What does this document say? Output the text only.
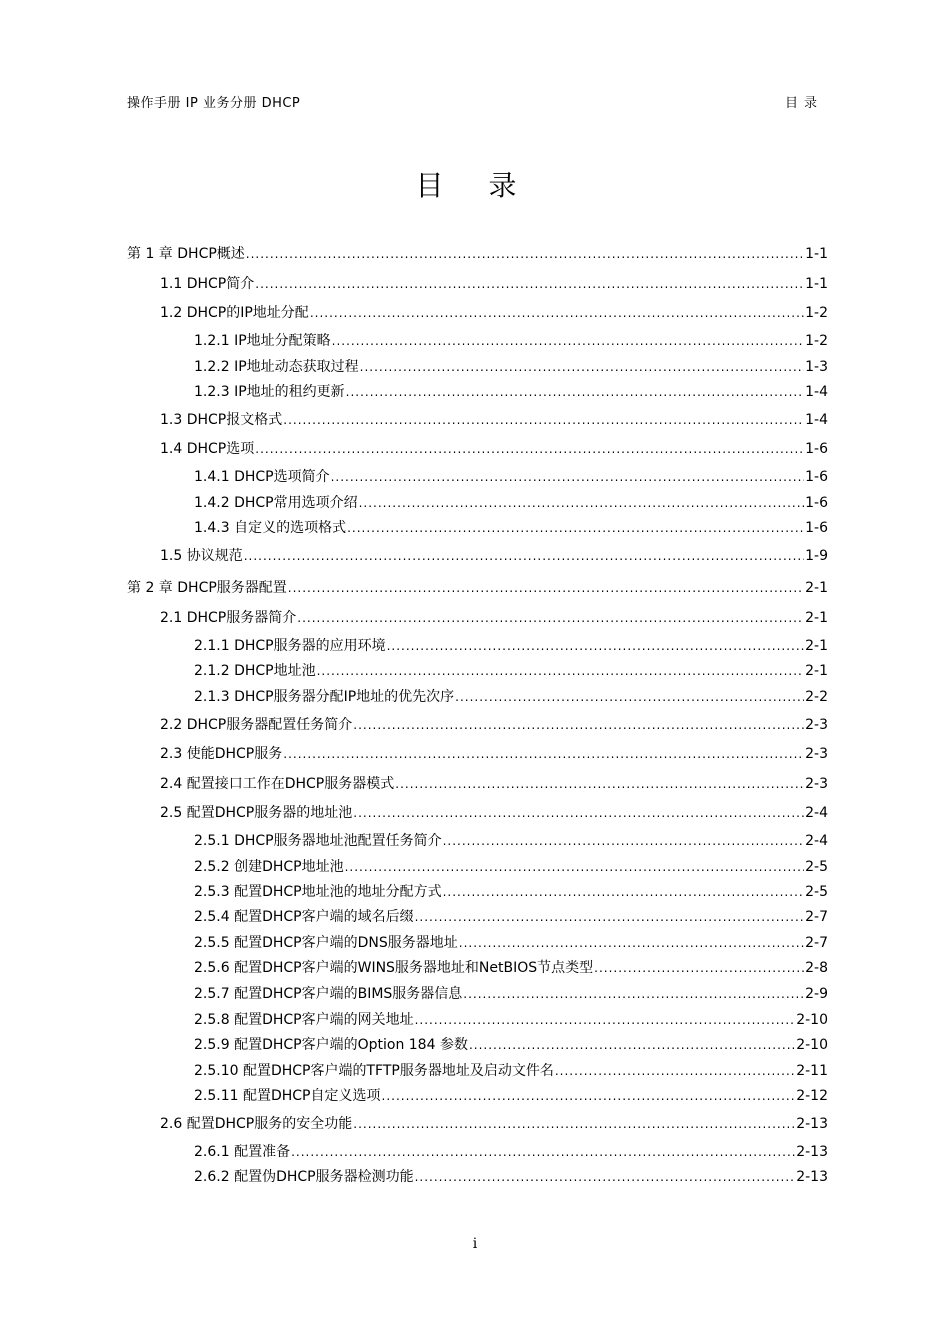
操作手册 IP 业务分册 DHCP	目录
目 录
第 1 章 DHCP概述 .....	1-1
1.1 DHCP简介 .....	1-1
1.2 DHCP的IP地址分配 .....	1-2
1.2.1 IP地址分配策略 .....	1-2
1.2.2 IP地址动态获取过程 .....	1-3
1.2.3 IP地址的租约更新 .....	1-4
1.3 DHCP报文格式 .....	1-4
1.4 DHCP选项 .....	1-6
1.4.1 DHCP选项简介 .....	1-6
1.4.2 DHCP常用选项介绍 .....	1-6
1.4.3 自定义的选项格式 .....	1-6
1.5 协议规范 .....	1-9
第 2 章 DHCP服务器配置 .....	2-1
2.1 DHCP服务器简介 .....	2-1
2.1.1 DHCP服务器的应用环境 .....	2-1
2.1.2 DHCP地址池 .....	2-1
2.1.3 DHCP服务器分配IP地址的优先次序 .....	2-2
2.2 DHCP服务器配置任务简介 .....	2-3
2.3 使能DHCP服务 .....	2-3
2.4 配置接口工作在DHCP服务器模式 .....	2-3
2.5 配置DHCP服务器的地址池 .....	2-4
2.5.1 DHCP服务器地址池配置任务简介 .....	2-4
2.5.2 创建DHCP地址池 .....	2-5
2.5.3 配置DHCP地址池的地址分配方式 .....	2-5
2.5.4 配置DHCP客户端的域名后缀 .....	2-7
2.5.5 配置DHCP客户端的DNS服务器地址 .....	2-7
2.5.6 配置DHCP客户端的WINS服务器地址和NetBIOS节点类型 .....	2-8
2.5.7 配置DHCP客户端的BIMS服务器信息 .....	2-9
2.5.8 配置DHCP客户端的网关地址 .....	2-10
2.5.9 配置DHCP客户端的Option 184 参数 .....	2-10
2.5.10 配置DHCP客户端的TFTP服务器地址及启动文件名 .....	2-11
2.5.11 配置DHCP自定义选项 .....	2-12
2.6 配置DHCP服务的安全功能 .....	2-13
2.6.1 配置准备 .....	2-13
2.6.2 配置伪DHCP服务器检测功能 .....	2-13
i
